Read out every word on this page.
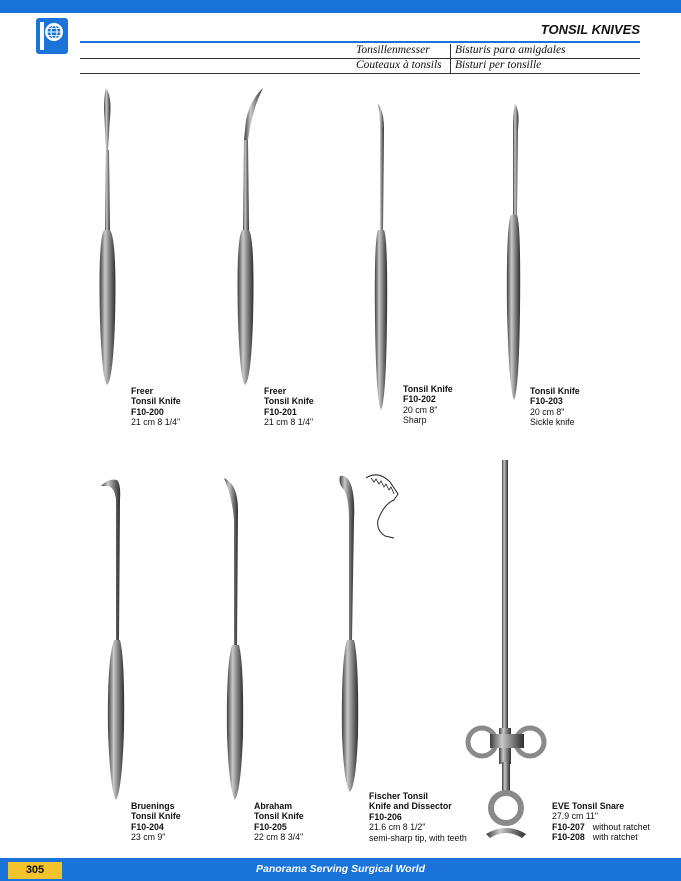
TONSIL KNIVES
Tonsillenmesser Bisturis para amigdales
Couteaux à tonsils Bisturi per tonsille
Freer
Tonsil Knife
F10-200
21 cm 8 1/4"
Freer
Tonsil Knife
F10-201
21 cm 8 1/4"
Tonsil Knife
F10-202
20 cm 8"
Sharp
Tonsil Knife
F10-203
20 cm 8"
Sickle knife
Bruenings
Tonsil Knife
F10-204
23 cm 9"
Abraham
Tonsil Knife
F10-205
22 cm 8 3/4"
Fischer Tonsil
Knife and Dissector
F10-206
21.6 cm 8 1/2"
semi-sharp tip, with teeth
EVE Tonsil Snare
27.9 cm 11"
F10-207 without ratchet
F10-208 with ratchet
305	Panorama Serving Surgical World
